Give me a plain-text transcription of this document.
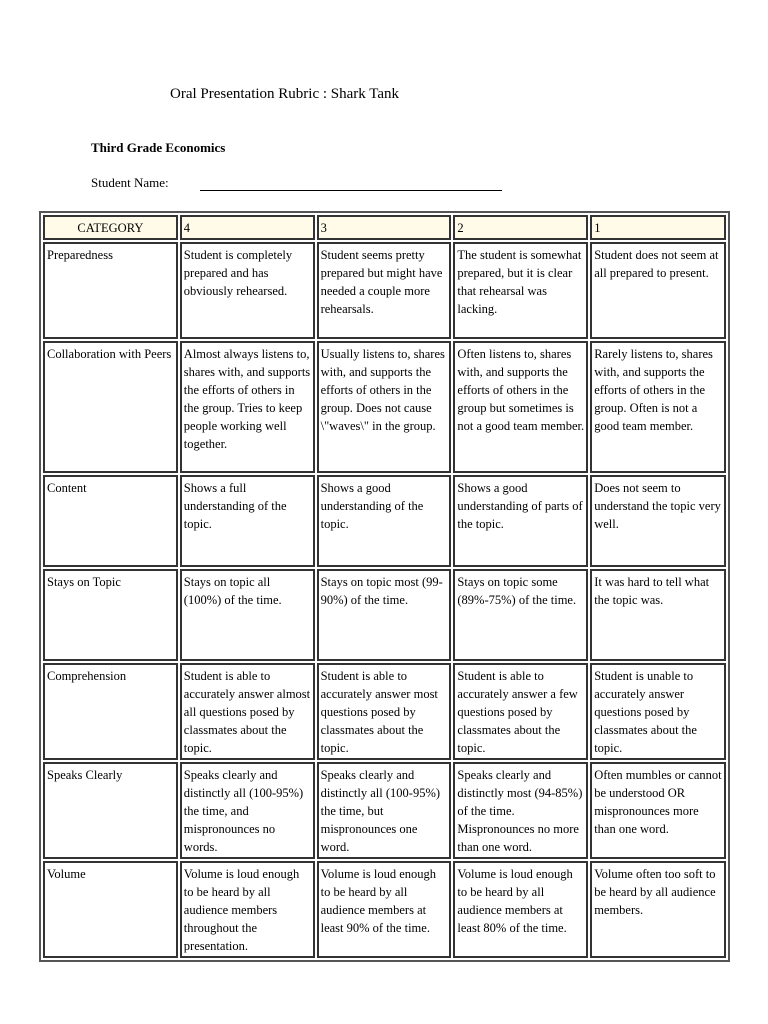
Oral Presentation Rubric : Shark Tank
Third Grade Economics
Student Name:
CATEGORY	4	3	2	1
Preparedness	Student is completely prepared and has obviously rehearsed.	Student seems pretty prepared but might have needed a couple more rehearsals.	The student is somewhat prepared, but it is clear that rehearsal was lacking.	Student does not seem at all prepared to present.
Collaboration with Peers	Almost always listens to, shares with, and supports the efforts of others in the group. Tries to keep people working well together.	Usually listens to, shares with, and supports the efforts of others in the group. Does not cause \"waves\" in the group.	Often listens to, shares with, and supports the efforts of others in the group but sometimes is not a good team member.	Rarely listens to, shares with, and supports the efforts of others in the group. Often is not a good team member.
Content	Shows a full understanding of the topic.	Shows a good understanding of the topic.	Shows a good understanding of parts of the topic.	Does not seem to understand the topic very well.
Stays on Topic	Stays on topic all (100%) of the time.	Stays on topic most (99-90%) of the time.	Stays on topic some (89%-75%) of the time.	It was hard to tell what the topic was.
Comprehension	Student is able to accurately answer almost all questions posed by classmates about the topic.	Student is able to accurately answer most questions posed by classmates about the topic.	Student is able to accurately answer a few questions posed by classmates about the topic.	Student is unable to accurately answer questions posed by classmates about the topic.
Speaks Clearly	Speaks clearly and distinctly all (100-95%) the time, and mispronounces no words.	Speaks clearly and distinctly all (100-95%) the time, but mispronounces one word.	Speaks clearly and distinctly most (94-85%) of the time. Mispronounces no more than one word.	Often mumbles or cannot be understood OR mispronounces more than one word.
Volume	Volume is loud enough to be heard by all audience members throughout the presentation.	Volume is loud enough to be heard by all audience members at least 90% of the time.	Volume is loud enough to be heard by all audience members at least 80% of the time.	Volume often too soft to be heard by all audience members.
